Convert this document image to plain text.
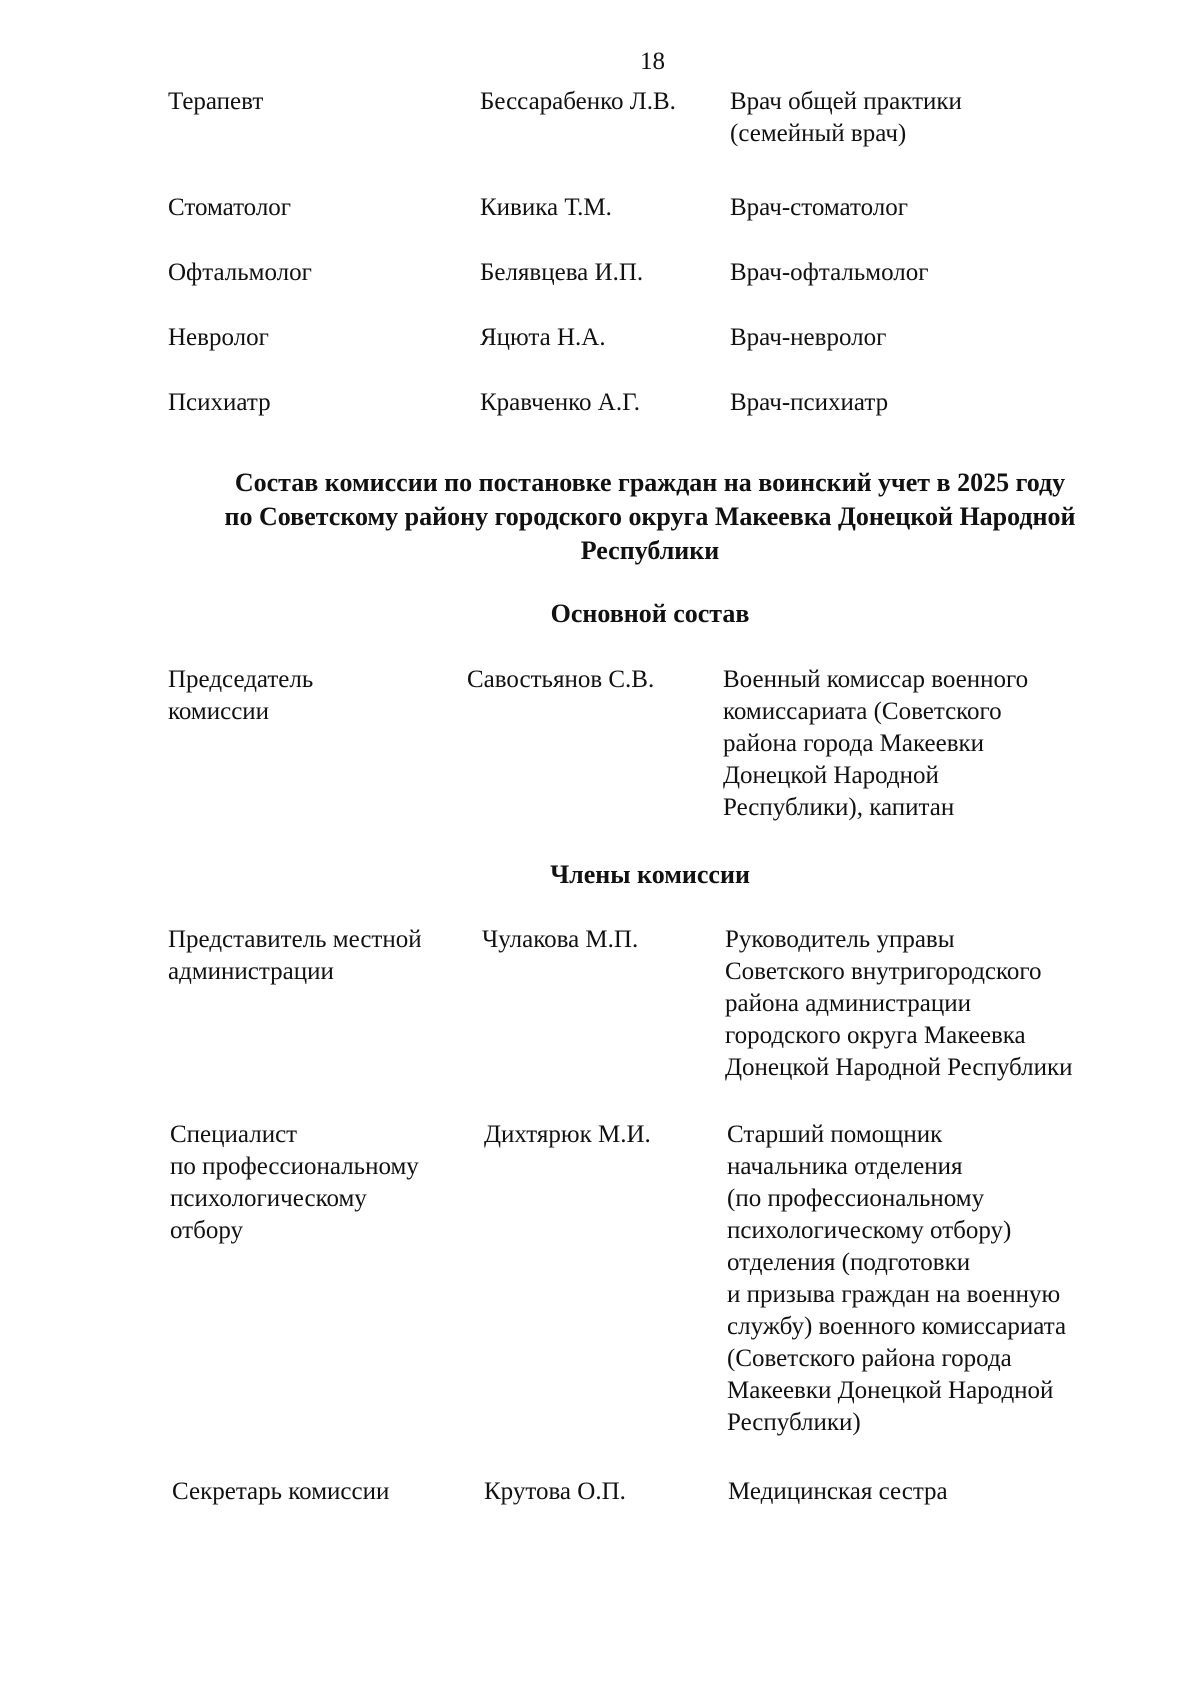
18
Терапевт	Бессарабенко Л.В.	Врач общей практики
(семейный врач)
Стоматолог	Кивика Т.М.	Врач-стоматолог
Офтальмолог	Белявцева И.П.	Врач-офтальмолог
Невролог	Яцюта Н.А.	Врач-невролог
Психиатр	Кравченко А.Г.	Врач-психиатр
Состав комиссии по постановке граждан на воинский учет в 2025 году
по Советскому району городского округа Макеевка Донецкой Народной
Республики
Основной состав
Председатель
комиссии
Савостьянов С.В.	Военный комиссар военного
комиссариата (Советского
района города Макеевки
Донецкой Народной
Республики), капитан
Члены комиссии
Представитель местной
администрации
Чулакова М.П.	Руководитель управы
Советского внутригородского
района администрации
городского округа Макеевка
Донецкой Народной Республики
Специалист
по профессиональному
психологическому
отбору
Дихтярюк М.И.	Старший помощник
начальника отделения
(по профессиональному
психологическому отбору)
отделения (подготовки
и призыва граждан на военную
службу) военного комиссариата
(Советского района города
Макеевки Донецкой Народной
Республики)
Секретарь комиссии	Крутова О.П.	Медицинская сестра
